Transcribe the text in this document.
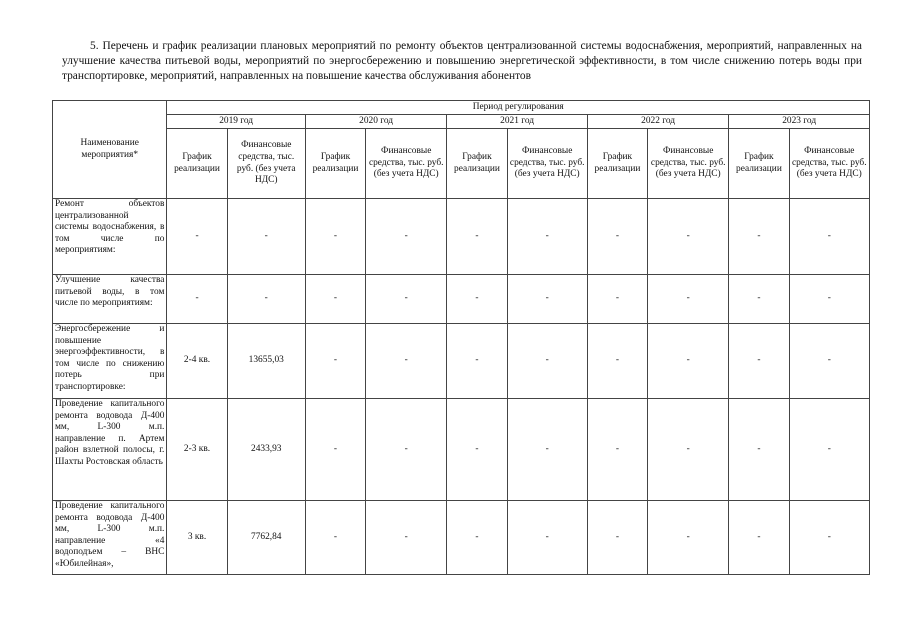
5. Перечень и график реализации плановых мероприятий по ремонту объектов централизованной системы водоснабжения, мероприятий, направленных на улучшение качества питьевой воды, мероприятий по энергосбережению и повышению энергетической эффективности, в том числе снижению потерь воды при транспортировке, мероприятий, направленных на повышение качества обслуживания абонентов

Наименование мероприятия*	Период регулирования									
	2019 год		2020 год		2021 год		2022 год		2023 год	
	График реализации	Финансовые средства, тыс. руб. (без учета НДС)	График реализации	Финансовые средства, тыс. руб. (без учета НДС)	График реализации	Финансовые средства, тыс. руб. (без учета НДС)	График реализации	Финансовые средства, тыс. руб. (без учета НДС)	График реализации	Финансовые средства, тыс. руб. (без учета НДС)
Ремонт объектов централизованной системы водоснабжения, в том числе по мероприятиям:	-	-	-	-	-	-	-	-	-	-
Улучшение качества питьевой воды, в том числе по мероприятиям:	-	-	-	-	-	-	-	-	-	-
Энергосбережение и повышение энергоэффективности, в том числе по снижению потерь при транспортировке:	2-4 кв.	13655,03	-	-	-	-	-	-	-	-
Проведение капитального ремонта водовода Д-400 мм, L-300 м.п. направление п. Артем район взлетной полосы, г. Шахты Ростовская область	2-3 кв.	2433,93	-	-	-	-	-	-	-	-
Проведение капитального ремонта водовода Д-400 мм, L-300 м.п. направление «4 водоподъем – ВНС «Юбилейная»,	3 кв.	7762,84	-	-	-	-	-	-	-	-
